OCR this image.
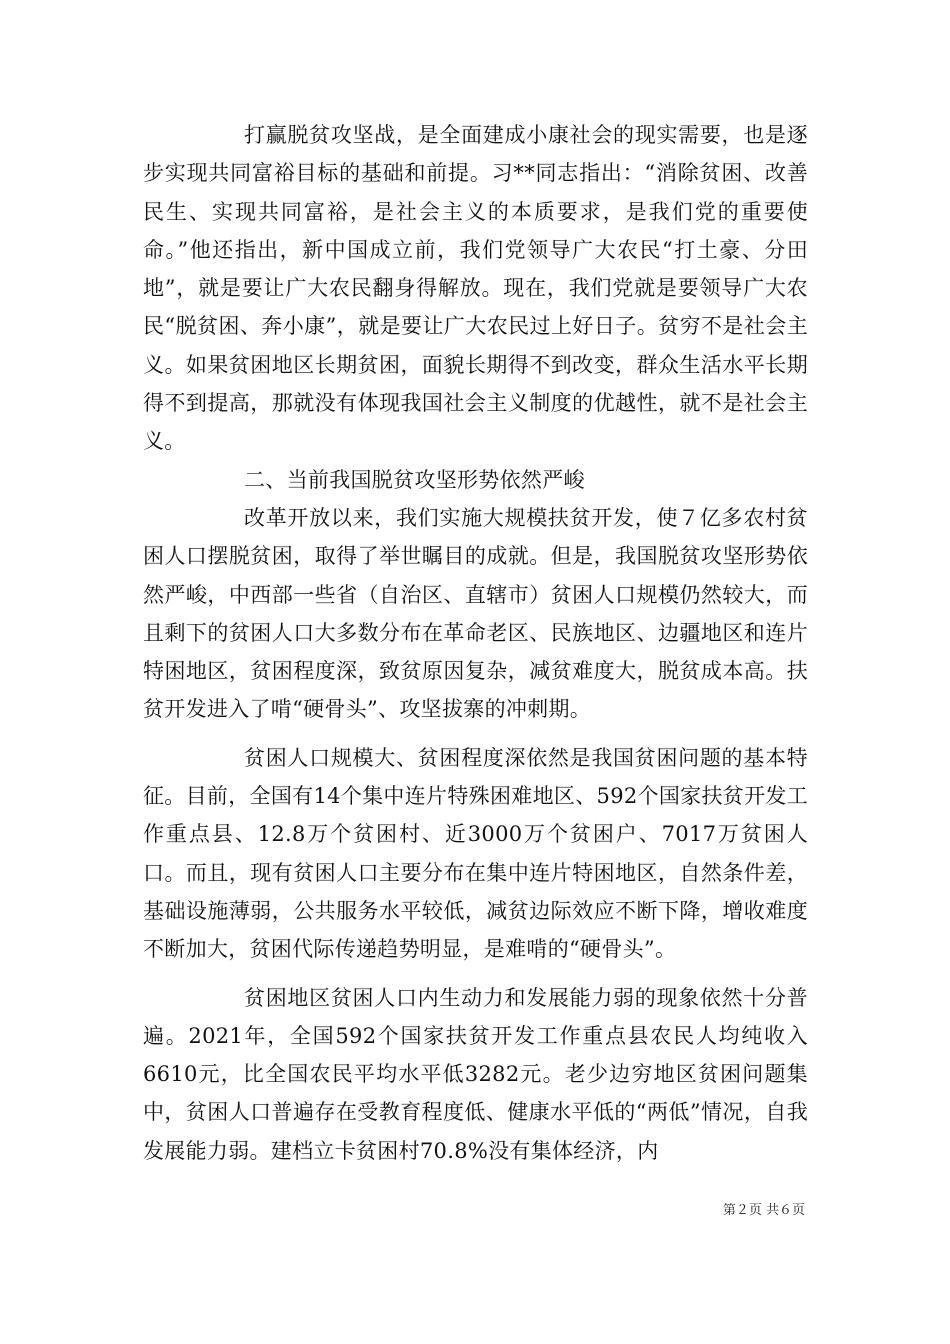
打赢脱贫攻坚战，是全面建成小康社会的现实需要，也是逐步实现共同富裕目标的基础和前提。习**同志指出：“消除贫困、改善民生、实现共同富裕，是社会主义的本质要求，是我们党的重要使命。”他还指出，新中国成立前，我们党领导广大农民“打土豪、分田地”，就是要让广大农民翻身得解放。现在，我们党就是要领导广大农民“脱贫困、奔小康”，就是要让广大农民过上好日子。贫穷不是社会主义。如果贫困地区长期贫困，面貌长期得不到改变，群众生活水平长期得不到提高，那就没有体现我国社会主义制度的优越性，就不是社会主义。

二、当前我国脱贫攻坚形势依然严峻

改革开放以来，我们实施大规模扶贫开发，使７亿多农村贫困人口摆脱贫困，取得了举世瞩目的成就。但是，我国脱贫攻坚形势依然严峻，中西部一些省（自治区、直辖市）贫困人口规模仍然较大，而且剩下的贫困人口大多数分布在革命老区、民族地区、边疆地区和连片特困地区，贫困程度深，致贫原因复杂，减贫难度大，脱贫成本高。扶贫开发进入了啃“硬骨头”、攻坚拔寨的冲刺期。

贫困人口规模大、贫困程度深依然是我国贫困问题的基本特征。目前，全国有14个集中连片特殊困难地区、592个国家扶贫开发工作重点县、12.8万个贫困村、近3000万个贫困户、7017万贫困人口。而且，现有贫困人口主要分布在集中连片特困地区，自然条件差，基础设施薄弱，公共服务水平较低，减贫边际效应不断下降，增收难度不断加大，贫困代际传递趋势明显，是难啃的“硬骨头”。

贫困地区贫困人口内生动力和发展能力弱的现象依然十分普遍。2021年，全国592个国家扶贫开发工作重点县农民人均纯收入6610元，比全国农民平均水平低3282元。老少边穷地区贫困问题集中，贫困人口普遍存在受教育程度低、健康水平低的“两低”情况，自我发展能力弱。建档立卡贫困村70.8%没有集体经济，内

第２页 共６页
